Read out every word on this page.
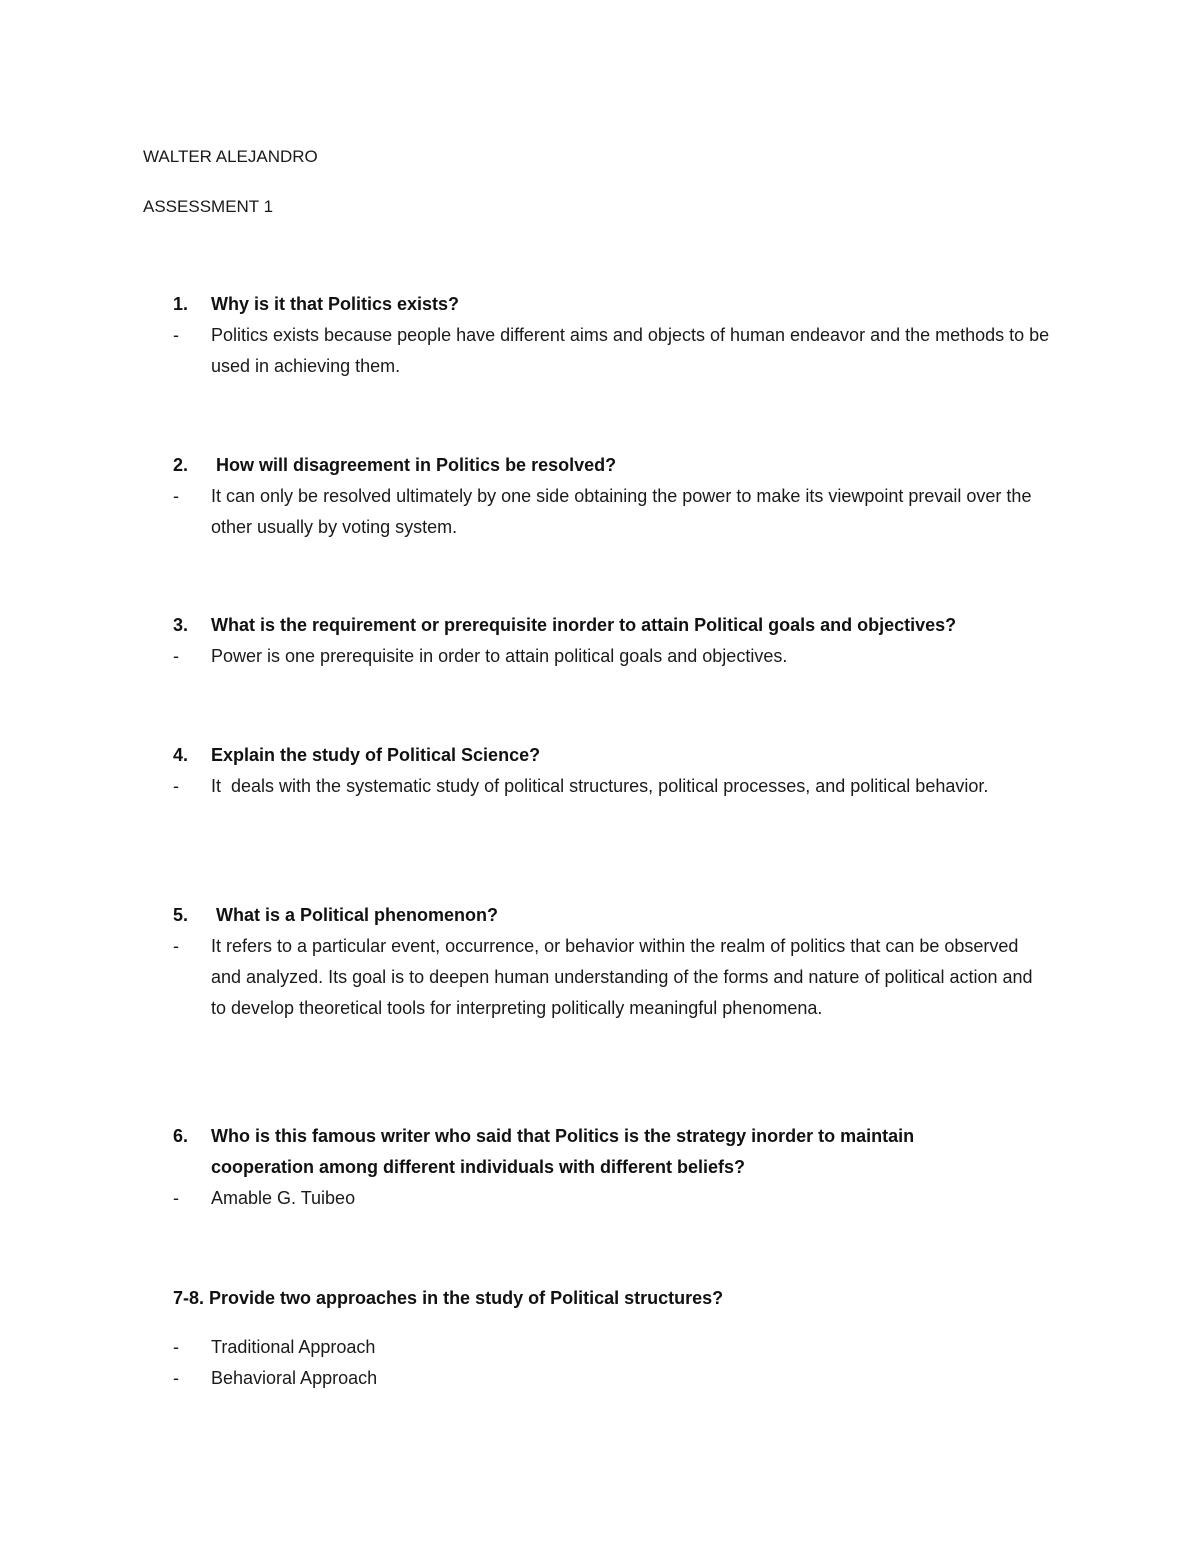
WALTER ALEJANDRO
ASSESSMENT 1
1.	Why is it that Politics exists?
-	Politics exists because people have different aims and objects of human endeavor and the methods to be used in achieving them.
2.	How will disagreement in Politics be resolved?
-	It can only be resolved ultimately by one side obtaining the power to make its viewpoint prevail over the other usually by voting system.
3.	What is the requirement or prerequisite inorder to attain Political goals and objectives?
-	Power is one prerequisite in order to attain political goals and objectives.
4.	Explain the study of Political Science?
-	It  deals with the systematic study of political structures, political processes, and political behavior.
5.	What is a Political phenomenon?
-	It refers to a particular event, occurrence, or behavior within the realm of politics that can be observed and analyzed. Its goal is to deepen human understanding of the forms and nature of political action and to develop theoretical tools for interpreting politically meaningful phenomena.
6.	Who is this famous writer who said that Politics is the strategy inorder to maintain cooperation among different individuals with different beliefs?
-	Amable G. Tuibeo
7-8. Provide two approaches in the study of Political structures?
-	Traditional Approach
-	Behavioral Approach
